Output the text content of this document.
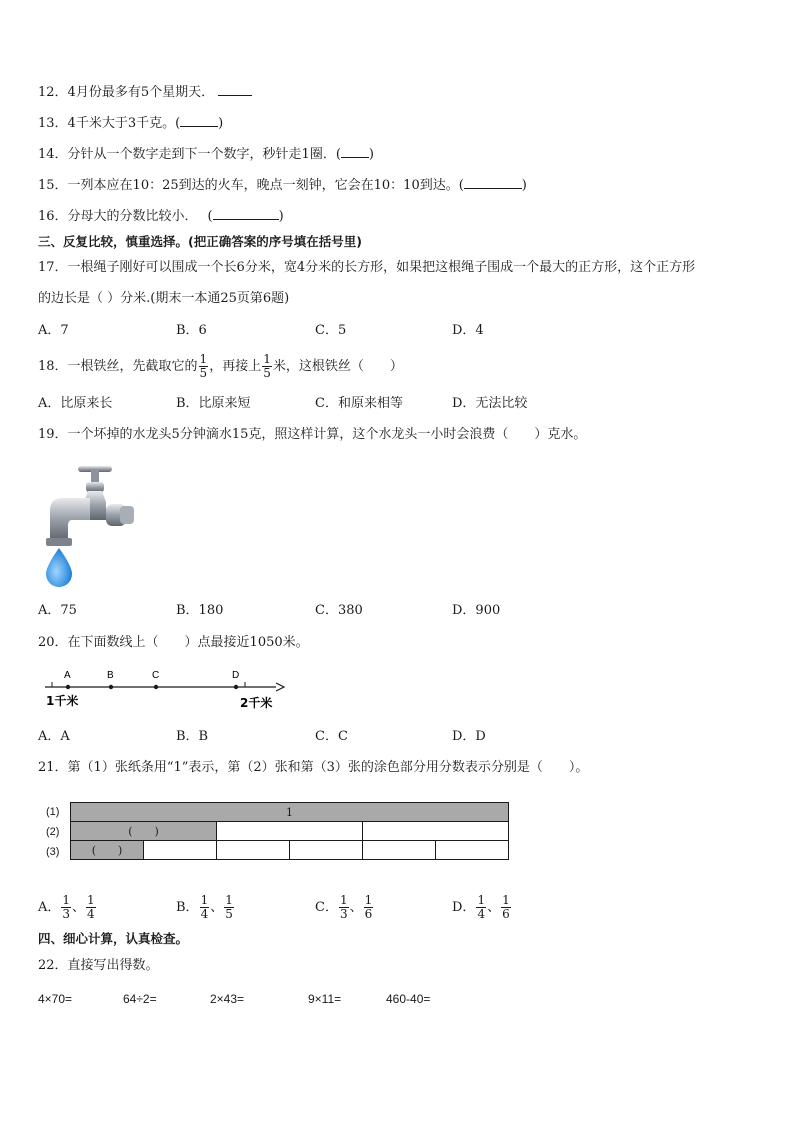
12．4月份最多有5个星期天．
13．4千米大于3千克。(	)
14．分针从一个数字走到下一个数字，秒针走1圈．( )
15．一列本应在10：25到达的火车，晚点一刻钟，它会在10：10到达。(	)
16．分母大的分数比较小． (	)
三、反复比较，慎重选择。(把正确答案的序号填在括号里)
17．一根绳子刚好可以围成一个长6分米，宽4分米的长方形，如果把这根绳子围成一个最大的正方形，这个正方形
的边长是（ ）分米.(期末一本通25页第6题)
A．7	B．6	C．5	D．4
18．一根铁丝，先截取它的 $\frac{1}{5}$ ，再接上 $\frac{1}{5}$ 米，这根铁丝（　　）
A．比原来长	B．比原来短	C．和原来相等	D．无法比较
19．一个坏掉的水龙头5分钟滴水15克，照这样计算，这个水龙头一小时会浪费（　　）克水。
A．75	B．180	C．380	D．900
20．在下面数线上（　　）点最接近1050米。
A	B	C	D
1千米	2千米
A．A	B．B	C．C	D．D
21．第（1）张纸条用“1”表示，第（2）张和第（3）张的涂色部分用分数表示分别是（　　）。
(1)
(2)
(3)
1					
(　　)					
(　　)					
A． $\frac{1}{3}$ 、 $\frac{1}{4}$	B． $\frac{1}{4}$ 、 $\frac{1}{5}$	C． $\frac{1}{3}$ 、 $\frac{1}{6}$	D． $\frac{1}{4}$ 、 $\frac{1}{6}$
四、细心计算，认真检查。
22．直接写出得数。
4×70=	64÷2=	2×43=	9×11=	460-40=
